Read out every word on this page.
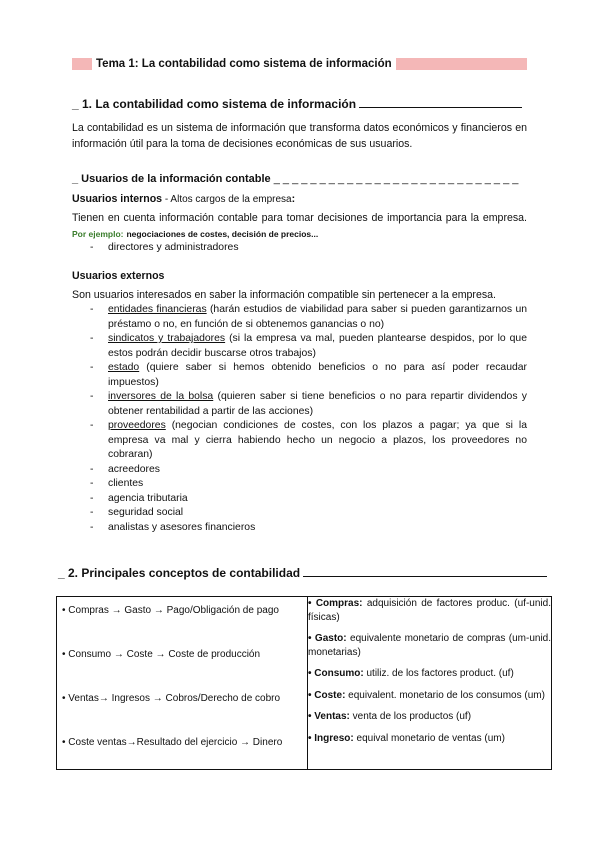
Tema 1: La contabilidad como sistema de información
_ 1. La contabilidad como sistema de información
La contabilidad es un sistema de información que transforma datos económicos y financieros en información útil para la toma de decisiones económicas de sus usuarios.
_ Usuarios de la información contable _ _ _ _ _ _ _ _ _ _ _ _ _ _ _ _ _ _ _ _ _ _ _ _ _ _ _
Usuarios internos - Altos cargos de la empresa:
Tienen en cuenta información contable para tomar decisiones de importancia para la empresa. Por ejemplo: negociaciones de costes, decisión de precios...
- directores y administradores
Usuarios externos
Son usuarios interesados en saber la información compatible sin pertenecer a la empresa.
- entidades financieras (harán estudios de viabilidad para saber si pueden garantizarnos un préstamo o no, en función de si obtenemos ganancias o no)
- sindicatos y trabajadores (si la empresa va mal, pueden plantearse despidos, por lo que estos podrán decidir buscarse otros trabajos)
- estado (quiere saber si hemos obtenido beneficios o no para así poder recaudar impuestos)
- inversores de la bolsa (quieren saber si tiene beneficios o no para repartir dividendos y obtener rentabilidad a partir de las acciones)
- proveedores (negocian condiciones de costes, con los plazos a pagar; ya que si la empresa va mal y cierra habiendo hecho un negocio a plazos, los proveedores no cobraran)
- acreedores
- clientes
- agencia tributaria
- seguridad social
- analistas y asesores financieros
_ 2. Principales conceptos de contabilidad
• Compras → Gasto → Pago/Obligación de pago
• Consumo → Coste → Coste de producción
• Ventas→ Ingresos → Cobros/Derecho de cobro
• Coste ventas→Resultado del ejercicio → Dinero

• Compras: adquisición de factores produc. (uf-unid. físicas)
• Gasto: equivalente monetario de compras (um-unid. monetarias)
• Consumo: utiliz. de los factores product. (uf)
• Coste: equivalent. monetario de los consumos (um)
• Ventas: venta de los productos (uf)
• Ingreso: equival monetario de ventas (um)
